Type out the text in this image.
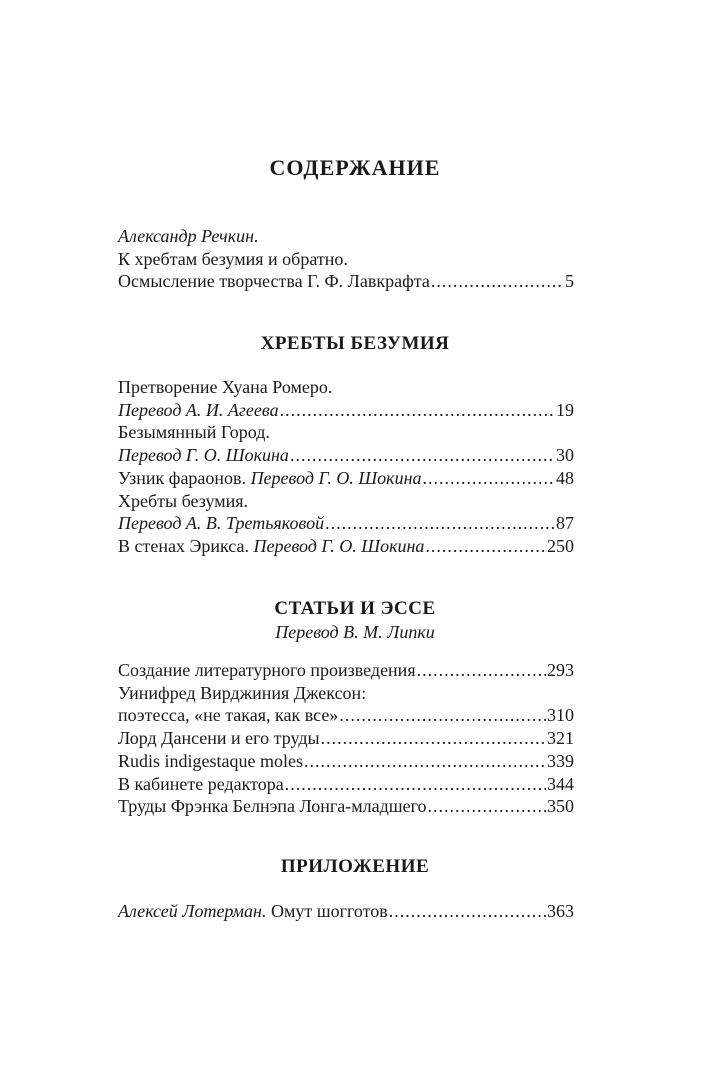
СОДЕРЖАНИЕ
Александр Речкин.
К хребтам безумия и обратно.
Осмысление творчества Г. Ф. Лавкрафта .....	5
ХРЕБТЫ БЕЗУМИЯ
Претворение Хуана Ромеро.
Перевод А. И. Агеева .....	19
Безымянный Город.
Перевод Г. О. Шокина .....	30
Узник фараонов. Перевод Г. О. Шокина .....	48
Хребты безумия.
Перевод А. В. Третьяковой .....	87
В стенах Эрикса. Перевод Г. О. Шокина .....	250
СТАТЬИ И ЭССЕ
Перевод В. М. Липки
Создание литературного произведения .....	293
Уинифред Вирджиния Джексон:
поэтесса, «не такая, как все» .....	310
Лорд Дансени и его труды .....	321
Rudis indigestaque moles .....	339
В кабинете редактора .....	344
Труды Фрэнка Белнэпа Лонга-младшего .....	350
ПРИЛОЖЕНИЕ
Алексей Лотерман. Омут шогготов .....	363
